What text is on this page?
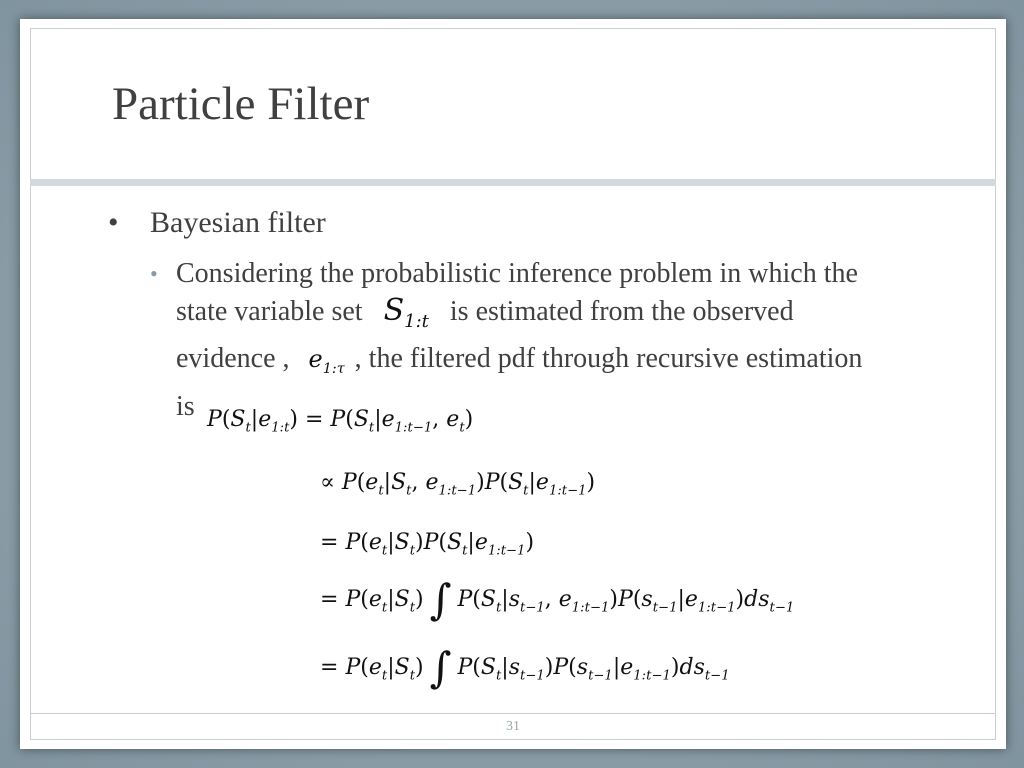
Particle Filter
• Bayesian filter
• Considering the probabilistic inference problem in which the state variable set $S_{1:t}$ is estimated from the observed evidence , $e_{1:\tau}$ , the filtered pdf through recursive estimation is $P(S_t|e_{1:t}) = P(S_t|e_{1:t-1}$, $e_t$)
∝ $P(e_t|S_t$, $e_{1:t-1})P(S_t|e_{1:t-1})$
= $P(e_t|S_t)P(S_t|e_{1:t-1})$
= $P(e_t|S_t)$ ∫ $P(S_t|s_{t-1}$, $e_{1:t-1})P(s_{t-1}|e_{1:t-1})ds_{t-1}$
= $P(e_t|S_t)$ ∫ $P(S_t|s_{t-1})P(s_{t-1}|e_{1:t-1})ds_{t-1}$
31
